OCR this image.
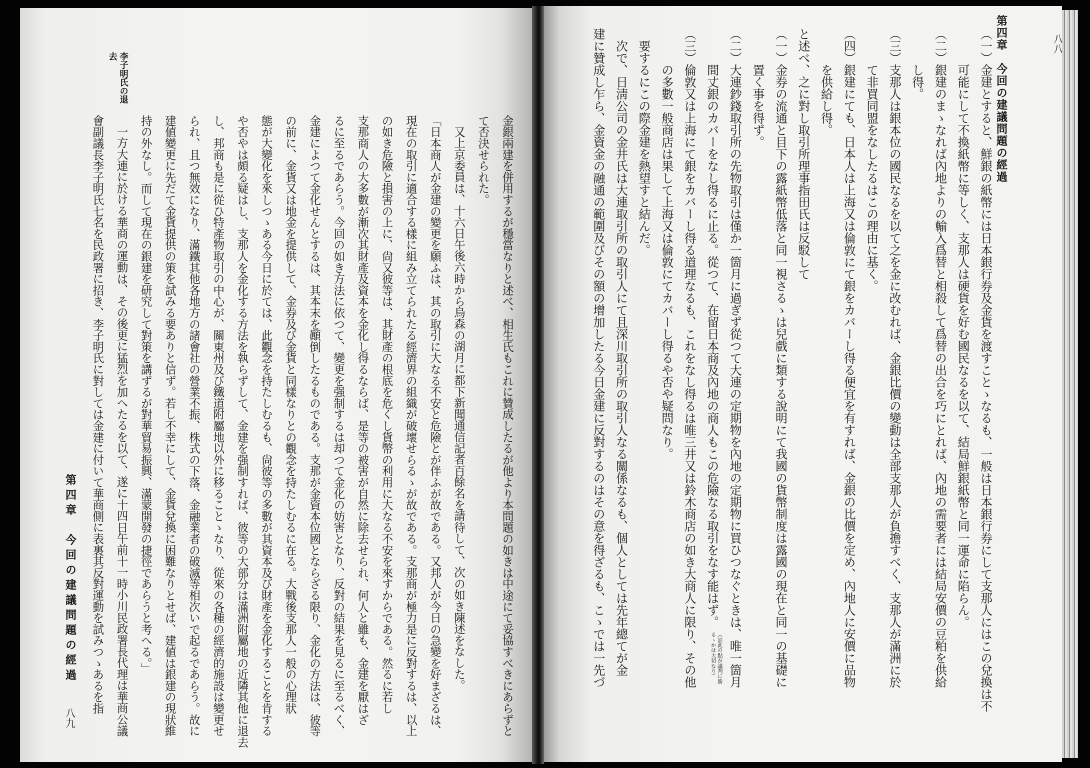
李子明氏の退去
金銀兩建を併用するが穩當なりと述べ、相生氏もこれに贊成したるが他より本問題の如きは中途にて妥協すべきにあらずと
て否決せられた。
又上京委員は、十六日午後六時から烏森の湖月に都下新聞通信記者百餘名を請待して、次の如き陳述をなした。
「日本商人が金建の變更を願ふは、其の取引に大なる不安と危險とが伴ふが故である。又邦人が今日の急變を好まざるは、
現在の取引に適合する樣に組み立てられたる經濟界の組織が破壞せらるゝが故である。支那商が極力是に反對するは、以上
の如き危險と損害の上に、尙又彼等は、其財產の根底を危くし貨幣の利用に大なる不安を來すからである。然るに若し
支那商人の大多數が漸次其財產及資本を金化し得るならば、是等の被害が自然に除去せられ、何人と雖も、金建を厭はざ
るに至るであらう。今回の如き方法に依つて、變更を强制するは却つて金化の妨害となり、反對の結果を見るに至るべく、
金建によつて金化せんとするは、其本末を顚倒したるものである。支那が金資本位國とならざる限り、金化の方法は、彼等
の前に、金貨又は地金を提供して、金券及び金貨と同樣なりとの觀念を持たしむるに在る。大戰後支那人一般の心理狀
態が大變化を來しつゝある今日に於ては、此觀念を持たしむるも、尙彼等の多數が其資本及び財產を金化することを肯する
や否やは頗る疑はし、支那人を金化する方法を執らずして、金建を强制すれば、彼等の大部分は滿洲附屬地の近隣其他に退去
し、邦商も是に從ひ特產物取引の中心が、關東州及び鐵道附屬地以外に移ることゝなり、從來の各種の經濟的施設は變更せ
られ、且つ無效になり、滿鐵其他各地方の諸會社の營業不振、株式の下落、金融業者の破滅等相次いで起るであらう。故に
建値變更に先だて金貨提供の策を試みる要ありと信ず。若し不幸にして、金貨兌換に困難なりとせば、建値は銀建の現狀維
持の外なし。而して現在の銀建を研究して對策を講ずるが對華貿易振興、滿蒙開發の捷徑であらうと考へる。」
一方大連に於ける華商の運動は、その後更に猛烈を加へたるを以て、遂に十四日午前十一時小川民政署長代理は華商公議
會副議長李子明氏七名を民政署に招き、李子明氏に對しては金建に付いて華商側に表裏其反對運動を試みつゝあるを指
第四章　今回の建議問題の經過
八九
第四章　今回の建議問題の經過	八八
（一）金建とすると、鮮銀の紙幣には日本銀行券及金貨を渡すことゝなるも、一般は日本銀行券にして支那人にはこの兌換は不
可能にして不換紙幣に等しく、支那人は硬貨を好む國民なるを以て、結局鮮銀紙幣と同一運命に陷らん。
（二）銀建のまゝなれば內地よりの輸入爲替と相殺して爲替の出合を巧にとれば、內地の需要者には結局安價の豆粕を供給
し得。
（三）支那人は銀本位の國民なるを以て之を金に改むれば、金銀比價の變動は全部支那人が負擔すべく、支那人が滿洲に於
て非買同盟をなしたるはこの理由に基く。
（四）銀建にても、日本人は上海又は倫敦にて銀をカバーし得る便宜を有すれば、金銀の比價を定め、內地人に安價に品物
を供給し得。
と述べ、之に對し取引所理事指田氏は反駁して
（一）金券の流通と目下の露紙幣低落と同一視さるゝは兒戲に類する說明にて我國の貨幣制度は露國の現在と同一の基礎に
置く事を得ず。
（二）大連鈔錢取引所の先物取引は僅か一箇月に過ぎず從つて大連の定期物を內地の定期物に買ひつなぐときは、唯一箇月
間丈銀のカバーをなし得るに止る。從つて、在留日本商及內地の商人もこの危險なる取引をなす能はず。（註此の點が議判に勝るゝかは大切なり）
（三）倫敦又は上海にて銀をカバーし得る道理なるも、これをなし得るは唯三井又は鈴木商店の如き大商人に限り、その他
の多數一般商店は果して上海又は倫敦にてカバーし得るや否や疑問なり。
要するにこの際金建を熱望すと結んだ。
次で、日淸公司の金井氏は大連取引所の取引人にて且深川取引所の取引人なる關係なるも、個人としては先年總てが金
建に贊成し乍ら、金資金の融通の範圍及びその額の增加したる今日金建に反對するのはその意を得ざるも、こゝでは一先づ
